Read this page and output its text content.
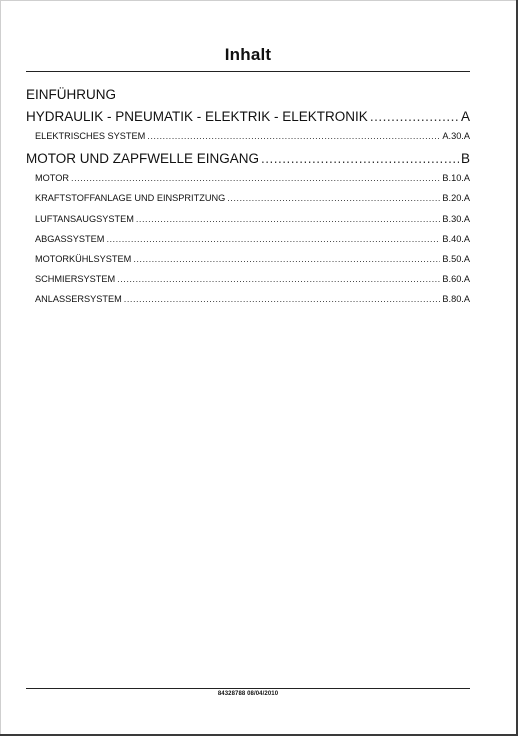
Inhalt
EINFÜHRUNG
HYDRAULIK - PNEUMATIK - ELEKTRIK - ELEKTRONIK .....	A
ELEKTRISCHES SYSTEM .....	A.30.A
MOTOR UND ZAPFWELLE EINGANG .....	B
MOTOR .....	B.10.A
KRAFTSTOFFANLAGE UND EINSPRITZUNG .....	B.20.A
LUFTANSAUGSYSTEM .....	B.30.A
ABGASSYSTEM .....	B.40.A
MOTORKÜHLSYSTEM .....	B.50.A
SCHMIERSYSTEM .....	B.60.A
ANLASSERSYSTEM .....	B.80.A
84328788 08/04/2010
